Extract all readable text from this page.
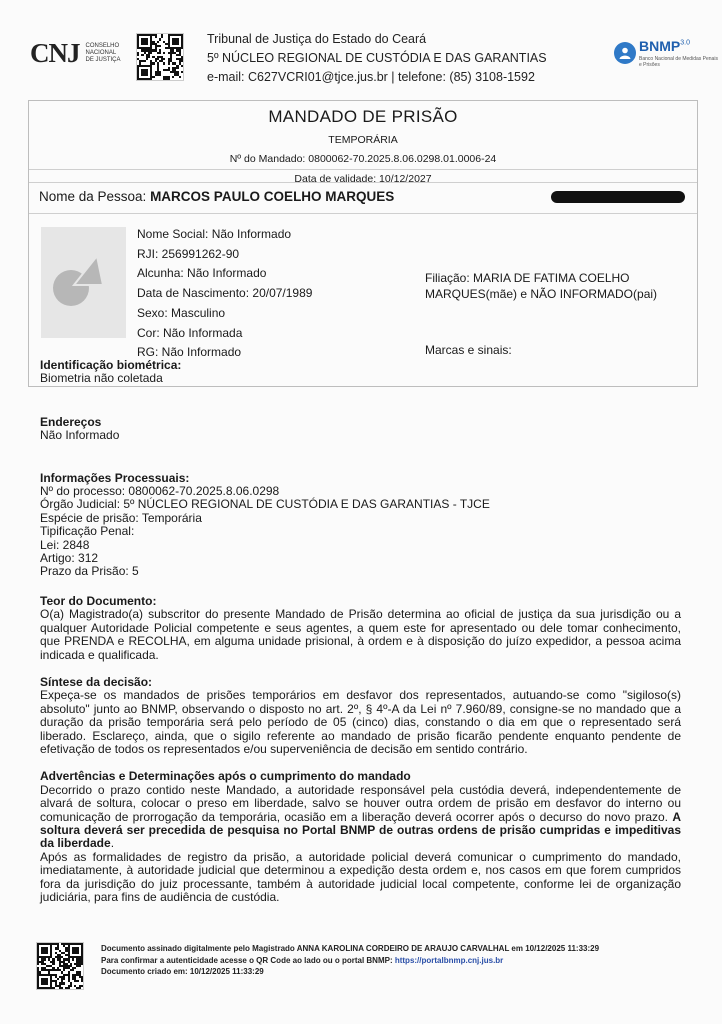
CNJ CONSELHO
NACIONAL
DE JUSTIÇA
Tribunal de Justiça do Estado do Ceará
5º NÚCLEO REGIONAL DE CUSTÓDIA E DAS GARANTIAS
e-mail: C627VCRI01@tjce.jus.br | telefone: (85) 3108-1592
$BNMP^{3.0}$
Banco Nacional de Medidas Penais e Prisões
MANDADO DE PRISÃO
TEMPORÁRIA
Nº do Mandado: 0800062-70.2025.8.06.0298.01.0006-24
Data de validade: 10/12/2027
Nome da Pessoa: MARCOS PAULO COELHO MARQUES
Nome Social: Não Informado
RJI: 256991262-90
Alcunha: Não Informado
Data de Nascimento: 20/07/1989
Sexo: Masculino
Cor: Não Informada
RG: Não Informado
Filiação: MARIA DE FATIMA COELHO MARQUES(mãe) e NÃO INFORMADO(pai)
Marcas e sinais:
Identificação biométrica:

Biometria não coletada

Endereços

Não Informado

Informações Processuais:

Nº do processo: 0800062-70.2025.8.06.0298

Órgão Judicial: 5º NÚCLEO REGIONAL DE CUSTÓDIA E DAS GARANTIAS - TJCE

Espécie de prisão: Temporária

Tipificação Penal:

Lei: 2848

Artigo: 312

Prazo da Prisão: 5

Teor do Documento:

O(a) Magistrado(a) subscritor do presente Mandado de Prisão determina ao oficial de justiça da sua jurisdição ou a qualquer Autoridade Policial competente e seus agentes, a quem este for apresentado ou dele tomar conhecimento, que PRENDA e RECOLHA, em alguma unidade prisional, à ordem e à disposição do juízo expedidor, a pessoa acima indicada e qualificada.

Síntese da decisão:

Expeça-se os mandados de prisões temporários em desfavor dos representados, autuando-se como "sigiloso(s) absoluto" junto ao BNMP, observando o disposto no art. 2º, § 4º-A da Lei nº 7.960/89, consigne-se no mandado que a duração da prisão temporária será pelo período de 05 (cinco) dias, constando o dia em que o representado será liberado. Esclareço, ainda, que o sigilo referente ao mandado de prisão ficarão pendente enquanto pendente de efetivação de todos os representados e/ou superveniência de decisão em sentido contrário.

Advertências e Determinações após o cumprimento do mandado

Decorrido o prazo contido neste Mandado, a autoridade responsável pela custódia deverá, independentemente de alvará de soltura, colocar o preso em liberdade, salvo se houver outra ordem de prisão em desfavor do interno ou comunicação de prorrogação da temporária, ocasião em a liberação deverá ocorrer após o decurso do novo prazo. A soltura deverá ser precedida de pesquisa no Portal BNMP de outras ordens de prisão cumpridas e impeditivas da liberdade.

Após as formalidades de registro da prisão, a autoridade policial deverá comunicar o cumprimento do mandado, imediatamente, à autoridade judicial que determinou a expedição desta ordem e, nos casos em que forem cumpridos fora da jurisdição do juiz processante, também à autoridade judicial local competente, conforme lei de organização judiciária, para fins de audiência de custódia.

Documento assinado digitalmente pelo Magistrado ANNA KAROLINA CORDEIRO DE ARAUJO CARVALHAL em 10/12/2025 11:33:29
Para confirmar a autenticidade acesse o QR Code ao lado ou o portal BNMP: https://portalbnmp.cnj.jus.br
Documento criado em: 10/12/2025 11:33:29
